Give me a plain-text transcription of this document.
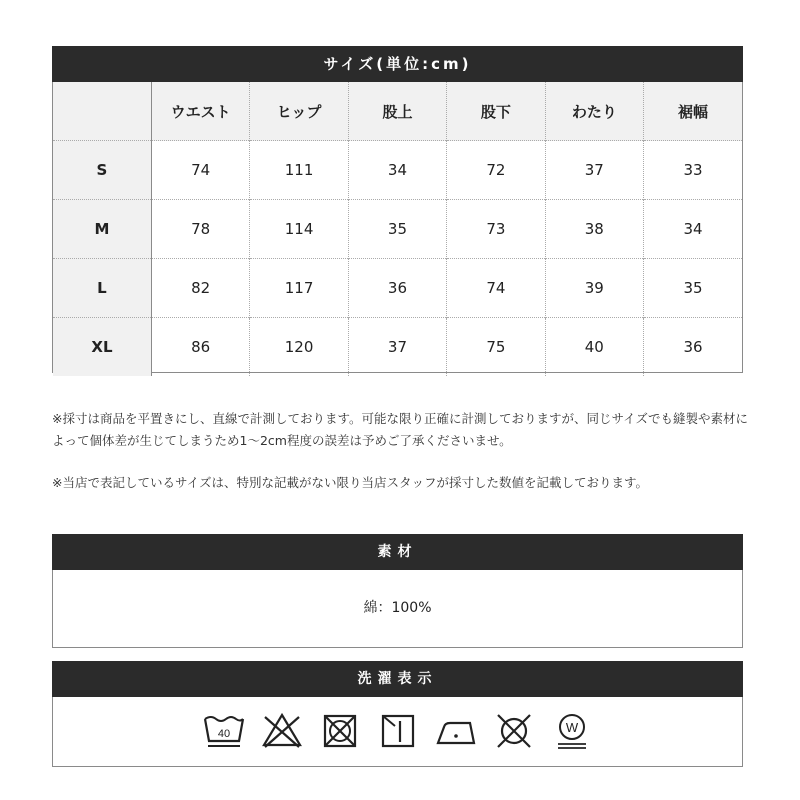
サイズ(単位:cm)
	ウエスト	ヒップ	股上	股下	わたり	裾幅
S	74	111	34	72	37	33
M	78	114	35	73	38	34
L	82	117	36	74	39	35
XL	86	120	37	75	40	36
※採寸は商品を平置きにし、直線で計測しております。可能な限り正確に計測しておりますが、同じサイズでも縫製や素材によって個体差が生じてしまうため1〜2cm程度の誤差は予めご了承くださいませ。
※当店で表記しているサイズは、特別な記載がない限り当店スタッフが採寸した数値を記載しております。
素材
綿：100%
洗濯表示
40	W
